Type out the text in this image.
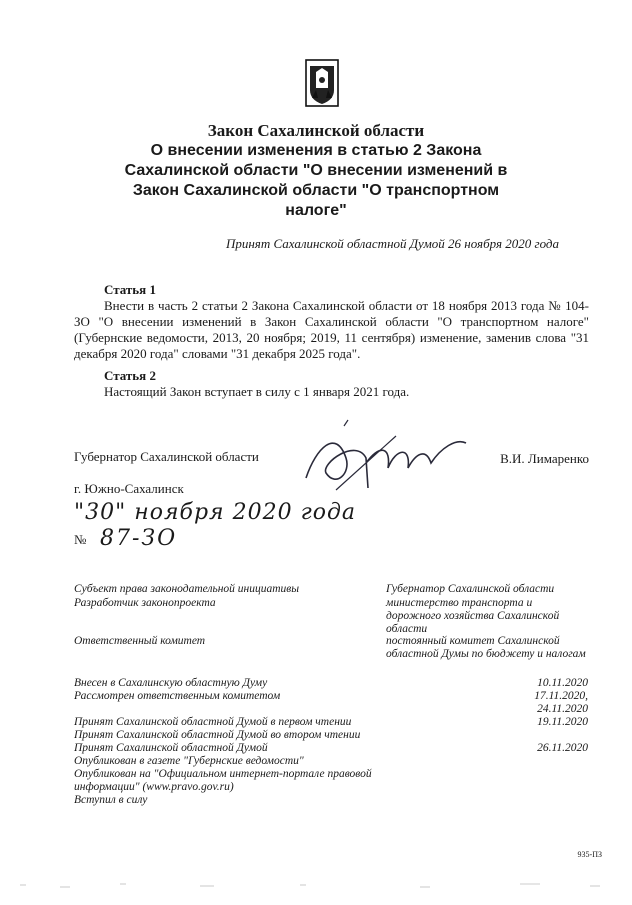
Закон Сахалинской области
О внесении изменения в статью 2 Закона Сахалинской области "О внесении изменений в Закон Сахалинской области "О транспортном налоге"
Принят Сахалинской областной Думой 26 ноября 2020 года
Статья 1
Внести в часть 2 статьи 2 Закона Сахалинской области от 18 ноября 2013 года № 104-ЗО "О внесении изменений в Закон Сахалинской области "О транспортном налоге" (Губернские ведомости, 2013, 20 ноября; 2019, 11 сентября) изменение, заменив слова "31 декабря 2020 года" словами "31 декабря 2025 года".
Статья 2
Настоящий Закон вступает в силу с 1 января 2021 года.
Губернатор Сахалинской области	В.И. Лимаренко
г. Южно-Сахалинск
"30" ноября 2020 года
№ 87-ЗО
Субъект права законодательной инициативы	Губернатор Сахалинской области
Разработчик законопроекта	министерство транспорта и дорожного хозяйства Сахалинской области
Ответственный комитет	постоянный комитет Сахалинской областной Думы по бюджету и налогам
Внесен в Сахалинскую областную Думу	10.11.2020
Рассмотрен ответственным комитетом	17.11.2020,
24.11.2020
Принят Сахалинской областной Думой в первом чтении	19.11.2020
Принят Сахалинской областной Думой во втором чтении
Принят Сахалинской областной Думой	26.11.2020
Опубликован в газете "Губернские ведомости"
Опубликован на "Официальном интернет-портале правовой информации" (www.pravo.gov.ru)
Вступил в силу
935-ПЗ
